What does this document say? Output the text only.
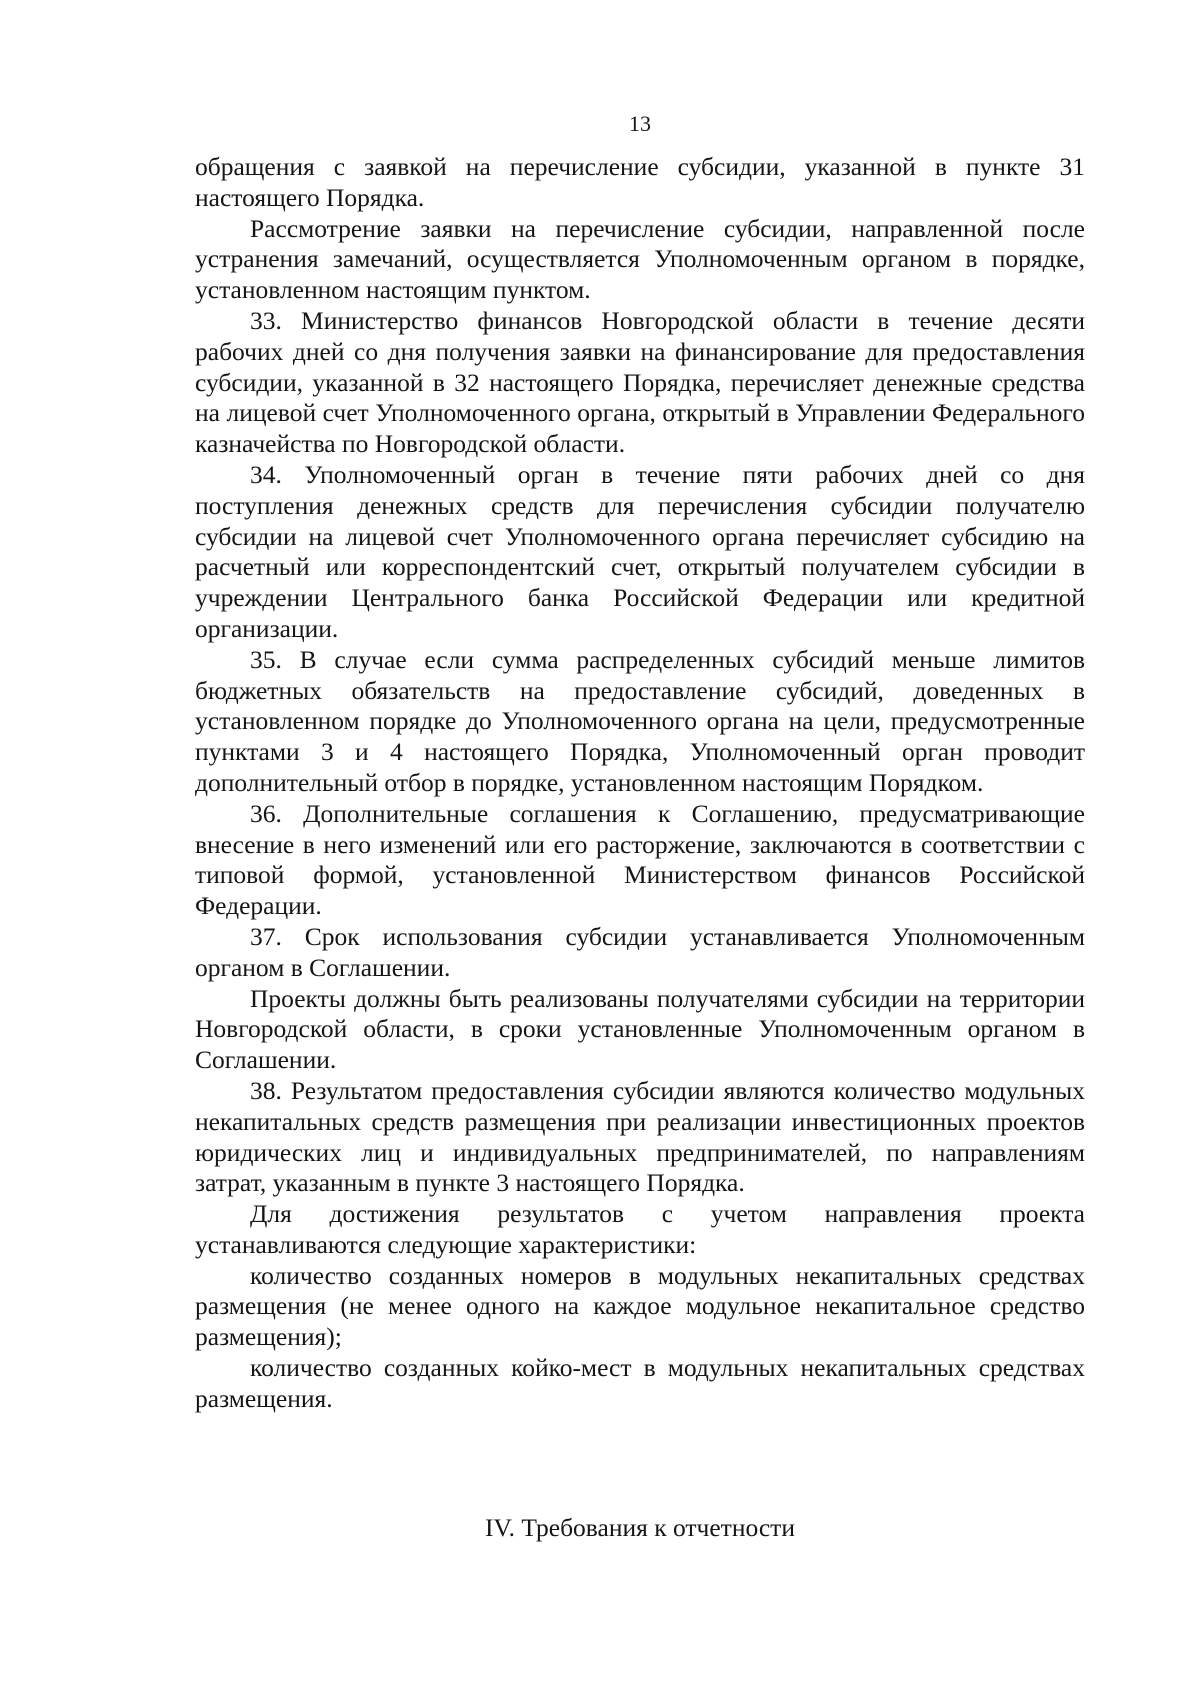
13

обращения с заявкой на перечисление субсидии, указанной в пункте 31 настоящего Порядка.

Рассмотрение заявки на перечисление субсидии, направленной после устранения замечаний, осуществляется Уполномоченным органом в порядке, установленном настоящим пунктом.

33. Министерство финансов Новгородской области в течение десяти рабочих дней со дня получения заявки на финансирование для предоставления субсидии, указанной в 32 настоящего Порядка, перечисляет денежные средства на лицевой счет Уполномоченного органа, открытый в Управлении Федерального казначейства по Новгородской области.

34. Уполномоченный орган в течение пяти рабочих дней со дня поступления денежных средств для перечисления субсидии получателю субсидии на лицевой счет Уполномоченного органа перечисляет субсидию на расчетный или корреспондентский счет, открытый получателем субсидии в учреждении Центрального банка Российской Федерации или кредитной организации.

35. В случае если сумма распределенных субсидий меньше лимитов бюджетных обязательств на предоставление субсидий, доведенных в установленном порядке до Уполномоченного органа на цели, предусмотренные пунктами 3 и 4 настоящего Порядка, Уполномоченный орган проводит дополнительный отбор в порядке, установленном настоящим Порядком.

36. Дополнительные соглашения к Соглашению, предусматривающие внесение в него изменений или его расторжение, заключаются в соответствии с типовой формой, установленной Министерством финансов Российской Федерации.

37. Срок использования субсидии устанавливается Уполномоченным органом в Соглашении.

Проекты должны быть реализованы получателями субсидии на территории Новгородской области, в сроки установленные Уполномоченным органом в Соглашении.

38. Результатом предоставления субсидии являются количество модульных некапитальных средств размещения при реализации инвестиционных проектов юридических лиц и индивидуальных предпринимателей, по направлениям затрат, указанным в пункте 3 настоящего Порядка.

Для достижения результатов с учетом направления проекта устанавливаются следующие характеристики:

количество созданных номеров в модульных некапитальных средствах размещения (не менее одного на каждое модульное некапитальное средство размещения);

количество созданных койко-мест в модульных некапитальных средствах размещения.

IV. Требования к отчетности
